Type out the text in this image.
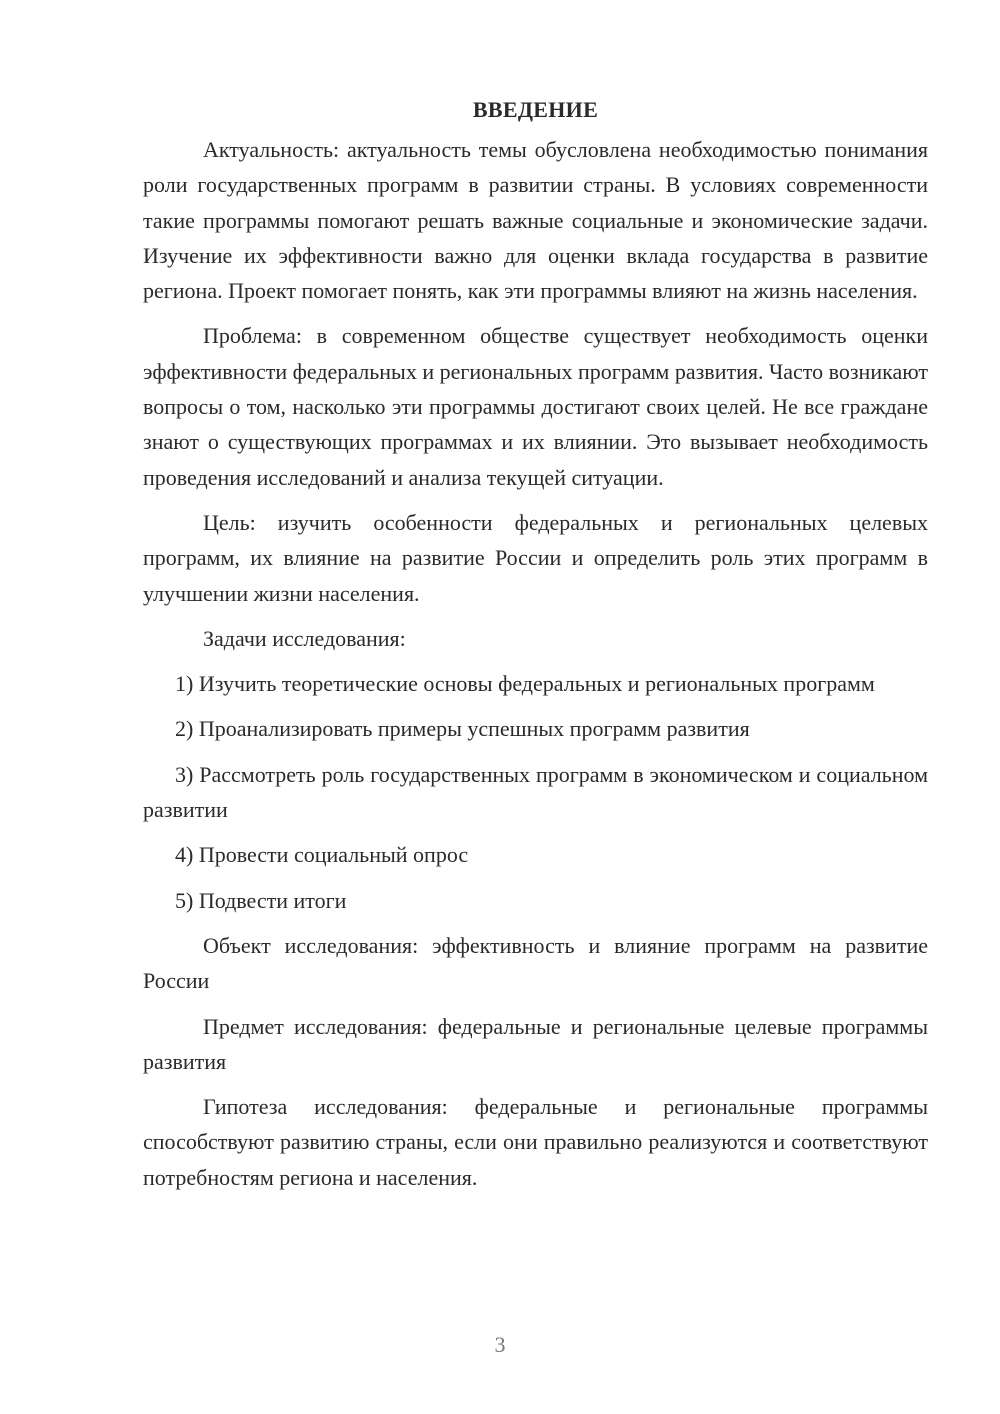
ВВЕДЕНИЕ

Актуальность: актуальность темы обусловлена необходимостью понимания роли государственных программ в развитии страны. В условиях современности такие программы помогают решать важные социальные и экономические задачи. Изучение их эффективности важно для оценки вклада государства в развитие региона. Проект помогает понять, как эти программы влияют на жизнь населения.

Проблема: в современном обществе существует необходимость оценки эффективности федеральных и региональных программ развития. Часто возникают вопросы о том, насколько эти программы достигают своих целей. Не все граждане знают о существующих программах и их влиянии. Это вызывает необходимость проведения исследований и анализа текущей ситуации.

Цель: изучить особенности федеральных и региональных целевых программ, их влияние на развитие России и определить роль этих программ в улучшении жизни населения.

Задачи исследования:

1) Изучить теоретические основы федеральных и региональных программ

2) Проанализировать примеры успешных программ развития

3) Рассмотреть роль государственных программ в экономическом и социальном развитии

4) Провести социальный опрос

5) Подвести итоги

Объект исследования: эффективность и влияние программ на развитие России

Предмет исследования: федеральные и региональные целевые программы развития

Гипотеза исследования: федеральные и региональные программы способствуют развитию страны, если они правильно реализуются и соответствуют потребностям региона и населения.

3
